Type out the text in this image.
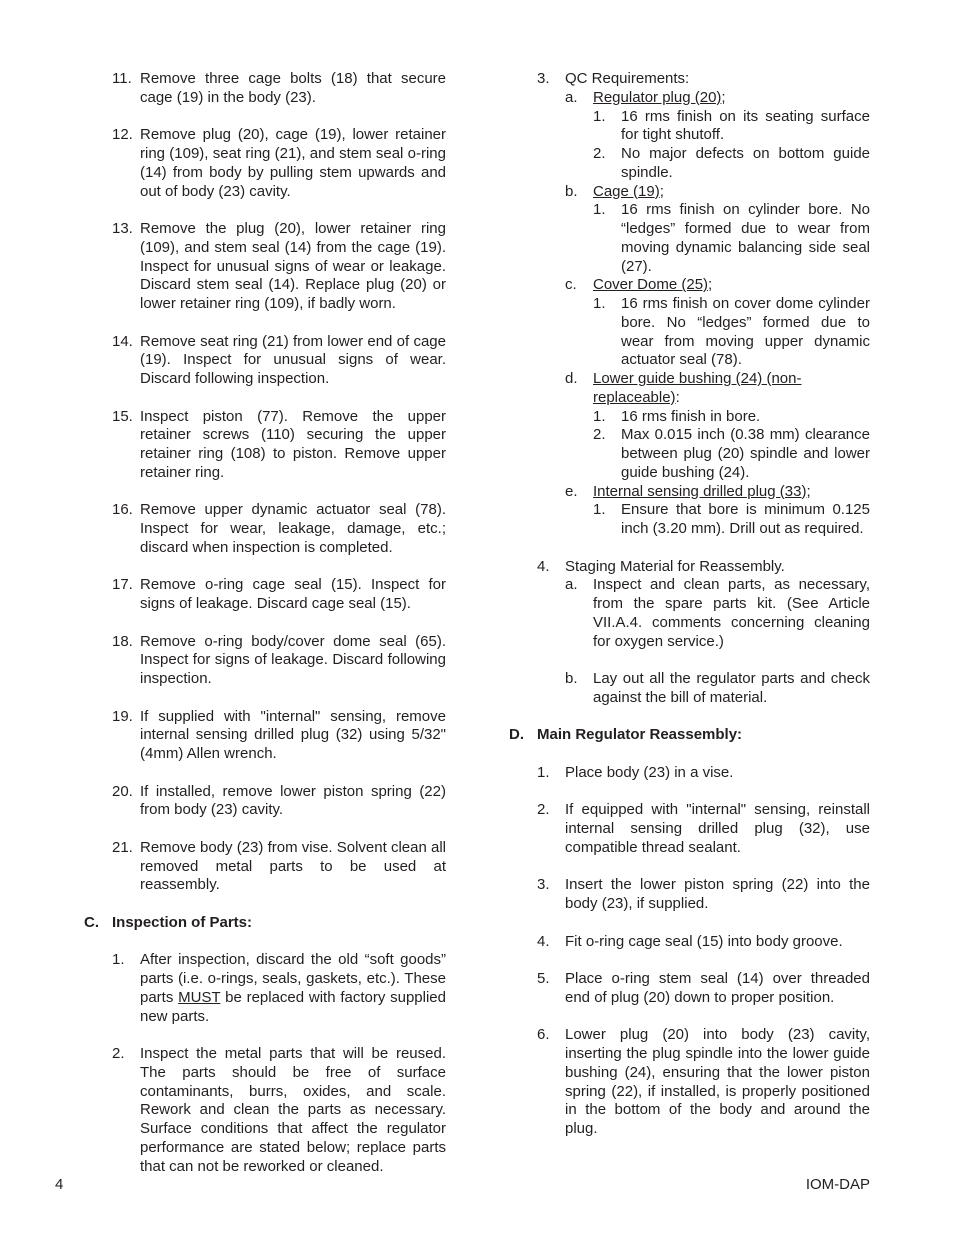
11. Remove three cage bolts (18) that secure cage (19) in the body (23).
12. Remove plug (20), cage (19), lower retainer ring (109), seat ring (21), and stem seal o-ring (14) from body by pulling stem upwards and out of body (23) cavity.
13. Remove the plug (20), lower retainer ring (109), and stem seal (14) from the cage (19). Inspect for unusual signs of wear or leakage. Discard stem seal (14). Replace plug (20) or lower retainer ring (109), if badly worn.
14. Remove seat ring (21) from lower end of cage (19). Inspect for unusual signs of wear. Discard following inspection.
15. Inspect piston (77). Remove the upper retainer screws (110) securing the upper retainer ring (108) to piston. Remove upper retainer ring.
16. Remove upper dynamic actuator seal (78). Inspect for wear, leakage, damage, etc.; discard when inspection is completed.
17. Remove o-ring cage seal (15). Inspect for signs of leakage. Discard cage seal (15).
18. Remove o-ring body/cover dome seal (65). Inspect for signs of leakage. Discard following inspection.
19. If supplied with "internal" sensing, remove internal sensing drilled plug (32) using 5/32" (4mm) Allen wrench.
20. If installed, remove lower piston spring (22) from body (23) cavity.
21. Remove body (23) from vise. Solvent clean all removed metal parts to be used at reassembly.
C. Inspection of Parts:
1.	After inspection, discard the old “soft goods” parts (i.e. o-rings, seals, gaskets, etc.). These parts MUST be replaced with factory supplied new parts.
2.	Inspect the metal parts that will be reused. The parts should be free of surface contaminants, burrs, oxides, and scale. Rework and clean the parts as necessary. Surface conditions that affect the regulator performance are stated below; replace parts that can not be reworked or cleaned.
3.	QC Requirements:
a. Regulator plug (20);
1. 16 rms finish on its seating surface for tight shutoff.
2. No major defects on bottom guide spindle.
b. Cage (19);
1. 16 rms finish on cylinder bore. No “ledges” formed due to wear from moving dynamic balancing side seal (27).
c. Cover Dome (25);
1. 16 rms finish on cover dome cylinder bore. No “ledges” formed due to wear from moving upper dynamic actuator seal (78).
d. Lower guide bushing (24) (non-replaceable):
1. 16 rms finish in bore.
2. Max 0.015 inch (0.38 mm) clearance between plug (20) spindle and lower guide bushing (24).
e. Internal sensing drilled plug (33);
1. Ensure that bore is minimum 0.125 inch (3.20 mm). Drill out as required.
4.	Staging Material for Reassembly.
a. Inspect and clean parts, as necessary, from the spare parts kit. (See Article VII.A.4. comments concerning cleaning for oxygen service.)
b. Lay out all the regulator parts and check against the bill of material.
D. Main Regulator Reassembly:
1.	Place body (23) in a vise.
2.	If equipped with "internal" sensing, reinstall internal sensing drilled plug (32), use compatible thread sealant.
3.	Insert the lower piston spring (22) into the body (23), if supplied.
4.	Fit o-ring cage seal (15) into body groove.
5.	Place o-ring stem seal (14) over threaded end of plug (20) down to proper position.
6.	Lower plug (20) into body (23) cavity, inserting the plug spindle into the lower guide bushing (24), ensuring that the lower piston spring (22), if installed, is properly positioned in the bottom of the body and around the plug.
4	IOM-DAP
